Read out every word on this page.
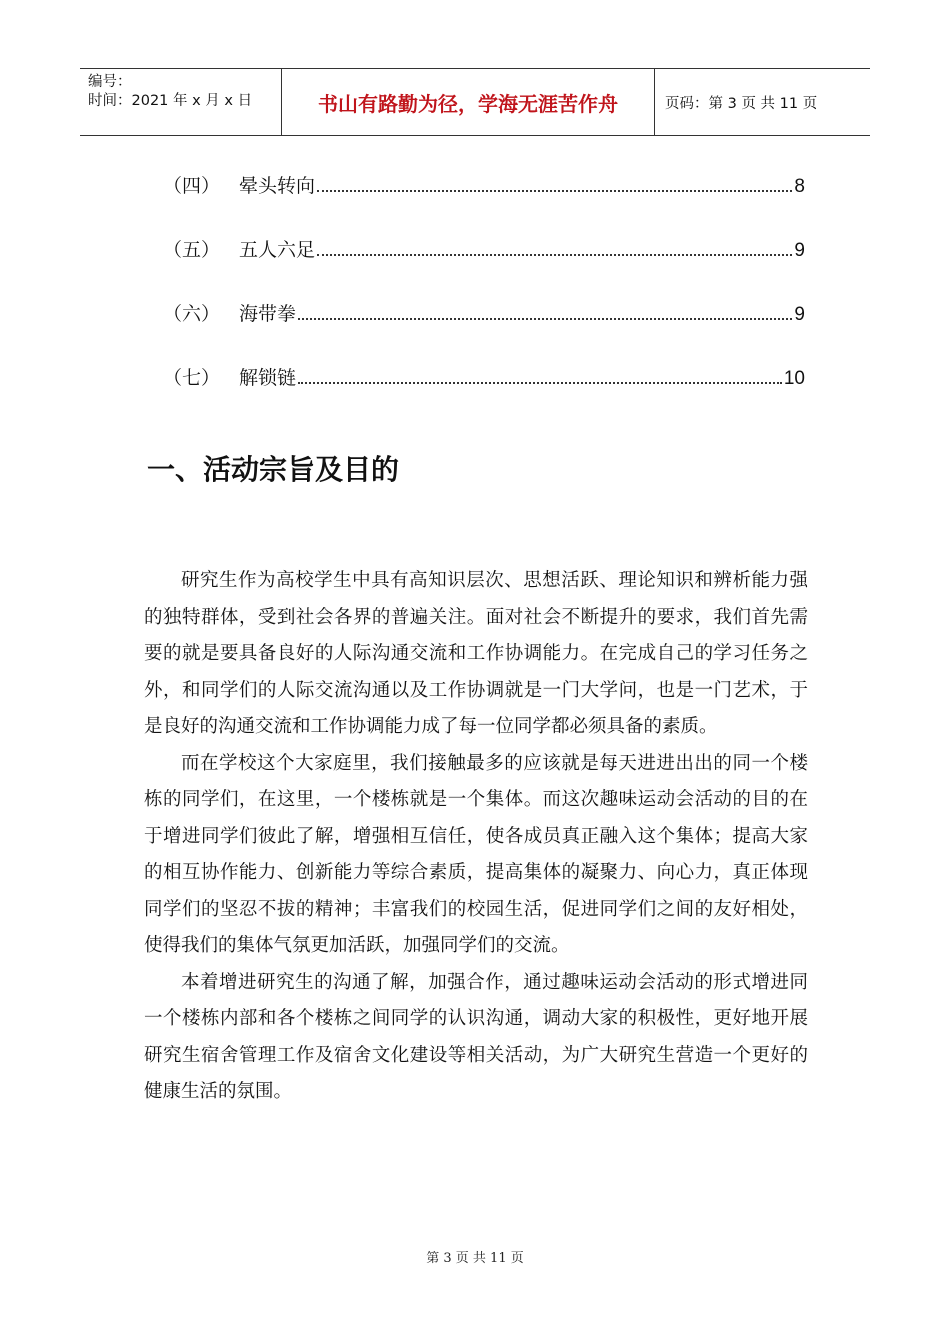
编号：
时间：2021 年 x 月 x 日	书山有路勤为径，学海无涯苦作舟	页码：第 3 页 共 11 页
（四） 晕头转向	8
（五） 五人六足	9
（六） 海带拳	9
（七） 解锁链	10
一、活动宗旨及目的

研究生作为高校学生中具有高知识层次、思想活跃、理论知识和辨析能力强的独特群体，受到社会各界的普遍关注。面对社会不断提升的要求，我们首先需要的就是要具备良好的人际沟通交流和工作协调能力。在完成自己的学习任务之外，和同学们的人际交流沟通以及工作协调就是一门大学问，也是一门艺术，于是良好的沟通交流和工作协调能力成了每一位同学都必须具备的素质。

而在学校这个大家庭里，我们接触最多的应该就是每天进进出出的同一个楼栋的同学们，在这里，一个楼栋就是一个集体。而这次趣味运动会活动的目的在于增进同学们彼此了解，增强相互信任，使各成员真正融入这个集体；提高大家的相互协作能力、创新能力等综合素质，提高集体的凝聚力、向心力，真正体现同学们的坚忍不拔的精神；丰富我们的校园生活，促进同学们之间的友好相处，使得我们的集体气氛更加活跃，加强同学们的交流。

本着增进研究生的沟通了解，加强合作，通过趣味运动会活动的形式增进同一个楼栋内部和各个楼栋之间同学的认识沟通，调动大家的积极性，更好地开展研究生宿舍管理工作及宿舍文化建设等相关活动，为广大研究生营造一个更好的健康生活的氛围。

第 3 页 共 11 页
